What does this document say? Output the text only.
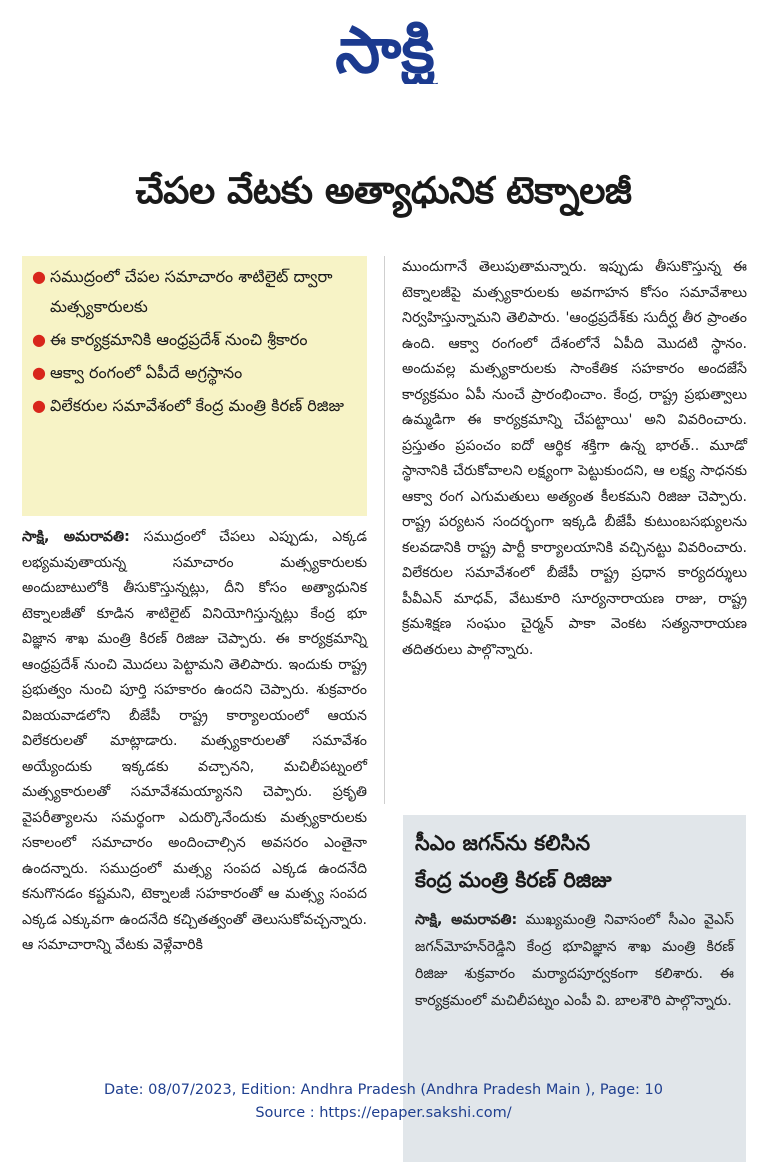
సాక్షి
చేపల వేటకు అత్యాధునిక టెక్నాలజీ
● సముద్రంలో చేపల సమాచారం శాటిలైట్ ద్వారా మత్స్యకారులకు
● ఈ కార్యక్రమానికి ఆంధ్రప్రదేశ్ నుంచి శ్రీకారం
● ఆక్వా రంగంలో ఏపీదే అగ్రస్థానం
● విలేకరుల సమావేశంలో కేంద్ర మంత్రి కిరణ్ రిజిజు
సాక్షి, అమరావతి: సముద్రంలో చేపలు ఎప్పుడు, ఎక్కడ లభ్యమవుతాయన్న సమాచారం మత్స్యకారులకు అందుబాటులోకి తీసుకొస్తున్నట్లు, దీని కోసం అత్యాధునిక టెక్నాలజీతో కూడిన శాటిలైట్ వినియోగిస్తున్నట్లు కేంద్ర భూ విజ్ఞాన శాఖ మంత్రి కిరణ్ రిజిజు చెప్పారు. ఈ కార్యక్రమాన్ని ఆంధ్రప్రదేశ్ నుంచి మొదలు పెట్టామని తెలిపారు. ఇందుకు రాష్ట్ర ప్రభుత్వం నుంచి పూర్తి సహకారం ఉందని చెప్పారు. శుక్రవారం విజయవాడలోని బీజేపీ రాష్ట్ర కార్యాలయంలో ఆయన విలేకరులతో మాట్లాడారు. మత్స్యకారులతో సమావేశం అయ్యేందుకు ఇక్కడకు వచ్చానని, మచిలీపట్నంలో మత్స్యకారులతో సమావేశమయ్యానని చెప్పారు. ప్రకృతి వైపరీత్యాలను సమర్థంగా ఎదుర్కొనేందుకు మత్స్యకారులకు సకాలంలో సమాచారం అందించాల్సిన అవసరం ఎంతైనా ఉందన్నారు. సముద్రంలో మత్స్య సంపద ఎక్కడ ఉందనేది కనుగొనడం కష్టమని, టెక్నాలజీ సహకారంతో ఆ మత్స్య సంపద ఎక్కడ ఎక్కువగా ఉందనేది కచ్చితత్వంతో తెలుసుకోవచ్చన్నారు. ఆ సమాచారాన్ని వేటకు వెళ్లేవారికి
ముందుగానే తెలుపుతామన్నారు. ఇప్పుడు తీసుకొస్తున్న ఈ టెక్నాలజీపై మత్స్యకారులకు అవగాహన కోసం సమావేశాలు నిర్వహిస్తున్నామని తెలిపారు. 'ఆంధ్రప్రదేశ్‌కు సుదీర్ఘ తీర ప్రాంతం ఉంది. ఆక్వా రంగంలో దేశంలోనే ఏపీది మొదటి స్థానం. అందువల్ల మత్స్యకారులకు సాంకేతిక సహకారం అందజేసే కార్యక్రమం ఏపీ నుంచే ప్రారంభించాం. కేంద్ర, రాష్ట్ర ప్రభుత్వాలు ఉమ్మడిగా ఈ కార్యక్రమాన్ని చేపట్టాయి' అని వివరించారు. ప్రస్తుతం ప్రపంచం ఐదో ఆర్థిక శక్తిగా ఉన్న భారత్.. మూడో స్థానానికి చేరుకోవాలని లక్ష్యంగా పెట్టుకుందని, ఆ లక్ష్య సాధనకు ఆక్వా రంగ ఎగుమతులు అత్యంత కీలకమని రిజిజు చెప్పారు. రాష్ట్ర పర్యటన సందర్భంగా ఇక్కడి బీజేపీ కుటుంబసభ్యులను కలవడానికి రాష్ట్ర పార్టీ కార్యాలయానికి వచ్చినట్టు వివరించారు. విలేకరుల సమావేశంలో బీజేపీ రాష్ట్ర ప్రధాన కార్యదర్శులు పీవీఎన్ మాధవ్, వేటుకూరి సూర్యనారాయణ రాజు, రాష్ట్ర క్రమశిక్షణ సంఘం చైర్మన్ పాకా వెంకట సత్యనారాయణ తదితరులు పాల్గొన్నారు.
సీఎం జగన్‌ను కలిసిన
కేంద్ర మంత్రి కిరణ్ రిజిజు
సాక్షి, అమరావతి: ముఖ్యమంత్రి నివాసంలో సీఎం వైఎస్ జగన్‌మోహన్‌రెడ్డిని కేంద్ర భూవిజ్ఞాన శాఖ మంత్రి కిరణ్ రిజిజు శుక్రవారం మర్యాదపూర్వకంగా కలిశారు. ఈ కార్యక్రమంలో మచిలీపట్నం ఎంపీ వి. బాలశౌరి పాల్గొన్నారు.
Date: 08/07/2023, Edition: Andhra Pradesh (Andhra Pradesh Main ), Page: 10
Source : https://epaper.sakshi.com/
